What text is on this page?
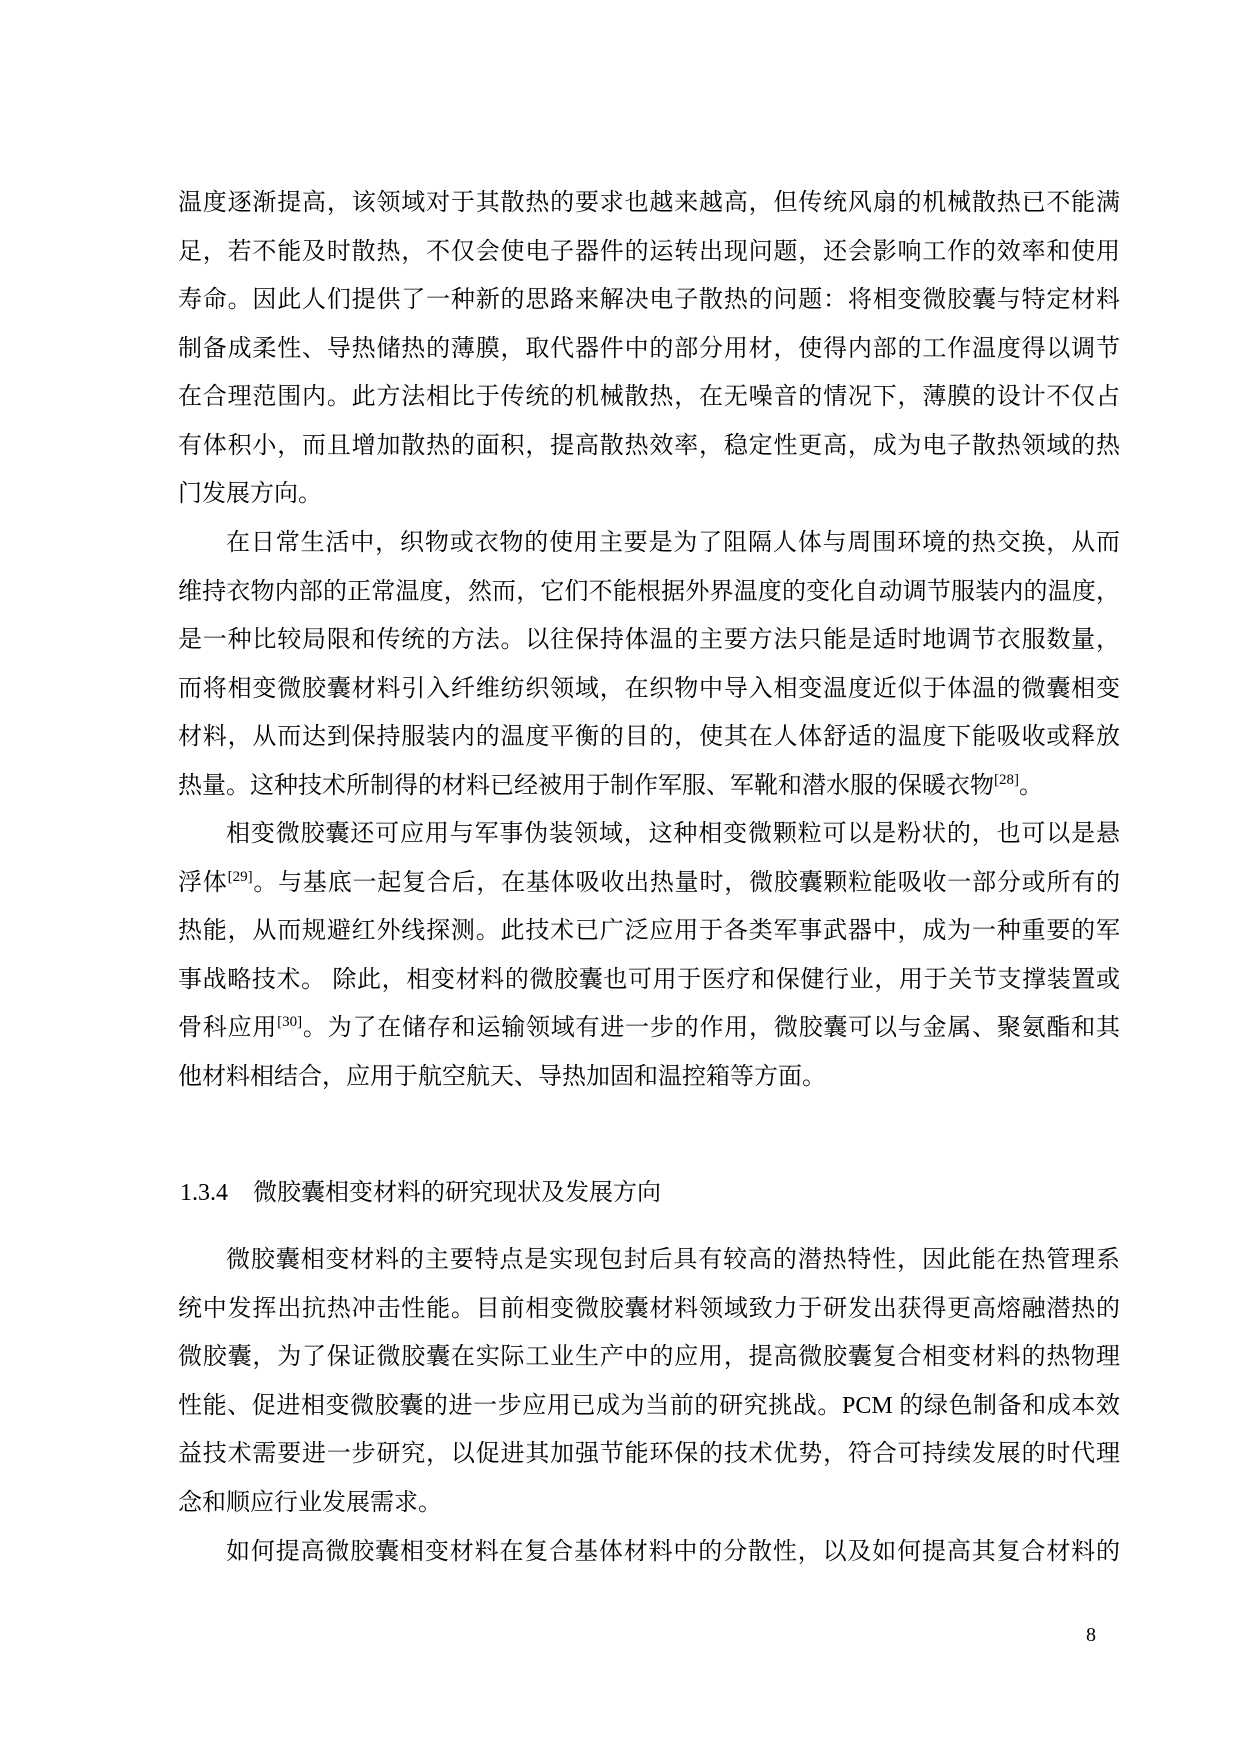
1.3.4 微胶囊相变材料的研究现状及发展方向
8
温度逐渐提高，该领域对于其散热的要求也越来越高，但传统风扇的机械散热已不能满
足，若不能及时散热，不仅会使电子器件的运转出现问题，还会影响工作的效率和使用
寿命。因此人们提供了一种新的思路来解决电子散热的问题：将相变微胶囊与特定材料
制备成柔性、导热储热的薄膜，取代器件中的部分用材，使得内部的工作温度得以调节
在合理范围内。此方法相比于传统的机械散热，在无噪音的情况下，薄膜的设计不仅占
有体积小，而且增加散热的面积，提高散热效率，稳定性更高，成为电子散热领域的热
门发展方向。
在日常生活中，织物或衣物的使用主要是为了阻隔人体与周围环境的热交换，从而
维持衣物内部的正常温度，然而，它们不能根据外界温度的变化自动调节服装内的温度，
是一种比较局限和传统的方法。以往保持体温的主要方法只能是适时地调节衣服数量，
而将相变微胶囊材料引入纤维纺织领域，在织物中导入相变温度近似于体温的微囊相变
材料，从而达到保持服装内的温度平衡的目的，使其在人体舒适的温度下能吸收或释放
热量。这种技术所制得的材料已经被用于制作军服、军靴和潜水服的保暖衣物[28]。
相变微胶囊还可应用与军事伪装领域，这种相变微颗粒可以是粉状的，也可以是悬
浮体[29]。与基底一起复合后，在基体吸收出热量时，微胶囊颗粒能吸收一部分或所有的
热能，从而规避红外线探测。此技术已广泛应用于各类军事武器中，成为一种重要的军
事战略技术。 除此，相变材料的微胶囊也可用于医疗和保健行业，用于关节支撑装置或
骨科应用[30]。为了在储存和运输领域有进一步的作用，微胶囊可以与金属、聚氨酯和其
他材料相结合，应用于航空航天、导热加固和温控箱等方面。
微胶囊相变材料的主要特点是实现包封后具有较高的潜热特性，因此能在热管理系
统中发挥出抗热冲击性能。目前相变微胶囊材料领域致力于研发出获得更高熔融潜热的
微胶囊，为了保证微胶囊在实际工业生产中的应用，提高微胶囊复合相变材料的热物理
性能、促进相变微胶囊的进一步应用已成为当前的研究挑战。PCM 的绿色制备和成本效
益技术需要进一步研究，以促进其加强节能环保的技术优势，符合可持续发展的时代理
念和顺应行业发展需求。
如何提高微胶囊相变材料在复合基体材料中的分散性，以及如何提高其复合材料的
